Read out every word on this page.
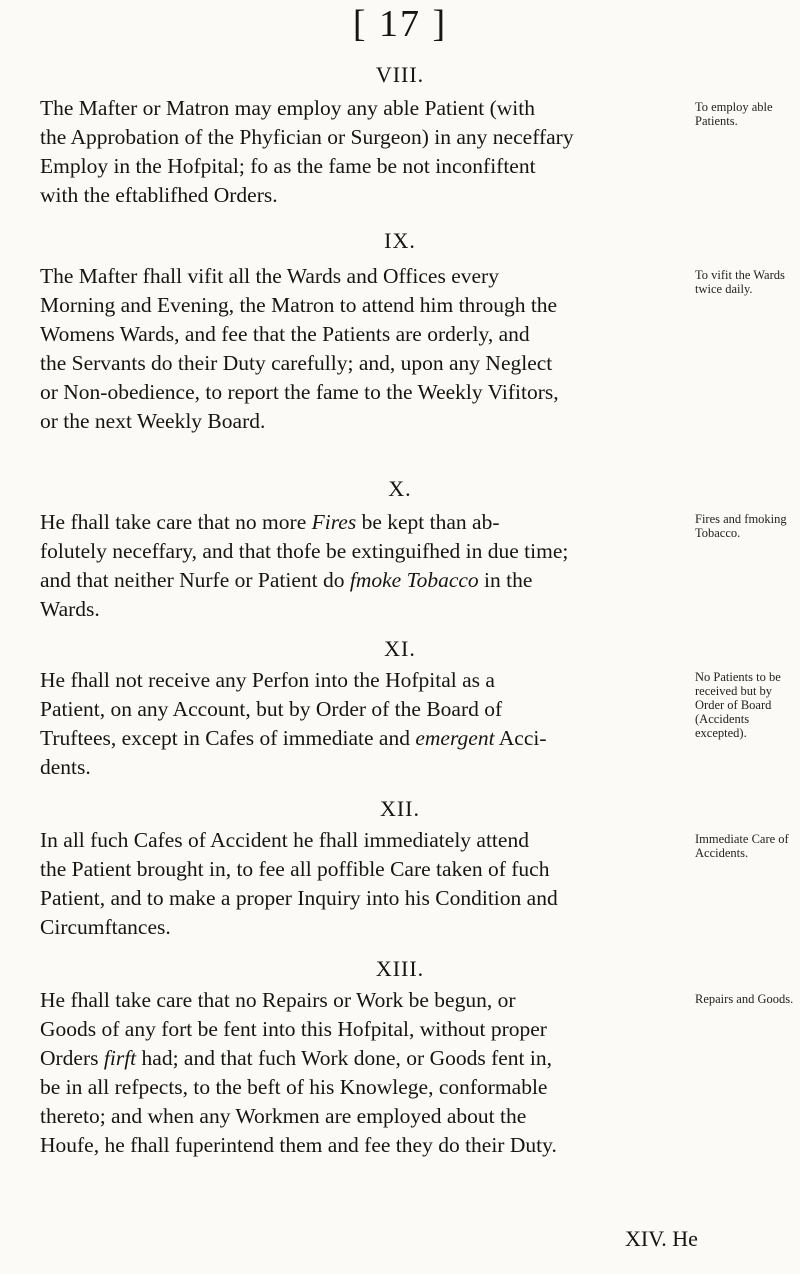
[ 17 ]
VIII.
The Mafter or Matron may employ any able Patient (with
the Approbation of the Phyfician or Surgeon) in any neceffary
Employ in the Hofpital; fo as the fame be not inconfiftent
with the eftablifhed Orders.
To employ able Patients.
IX.
The Mafter fhall vifit all the Wards and Offices every
Morning and Evening, the Matron to attend him through the
Womens Wards, and fee that the Patients are orderly, and
the Servants do their Duty carefully; and, upon any Neglect
or Non-obedience, to report the fame to the Weekly Vifitors,
or the next Weekly Board.
To vifit the Wards twice daily.
X.
He fhall take care that no more Fires be kept than ab-
folutely neceffary, and that thofe be extinguifhed in due time;
and that neither Nurfe or Patient do fmoke Tobacco in the
Wards.
Fires and fmoking Tobacco.
XI.
He fhall not receive any Perfon into the Hofpital as a
Patient, on any Account, but by Order of the Board of
Truftees, except in Cafes of immediate and emergent Acci-
dents.
No Patients to be received but by Order of Board (Accidents excepted).
XII.
In all fuch Cafes of Accident he fhall immediately attend
the Patient brought in, to fee all poffible Care taken of fuch
Patient, and to make a proper Inquiry into his Condition and
Circumftances.
Immediate Care of Accidents.
XIII.
He fhall take care that no Repairs or Work be begun, or
Goods of any fort be fent into this Hofpital, without proper
Orders firft had; and that fuch Work done, or Goods fent in,
be in all refpects, to the beft of his Knowlege, conformable
thereto; and when any Workmen are employed about the
Houfe, he fhall fuperintend them and fee they do their Duty.
Repairs and Goods.
XIV. He
